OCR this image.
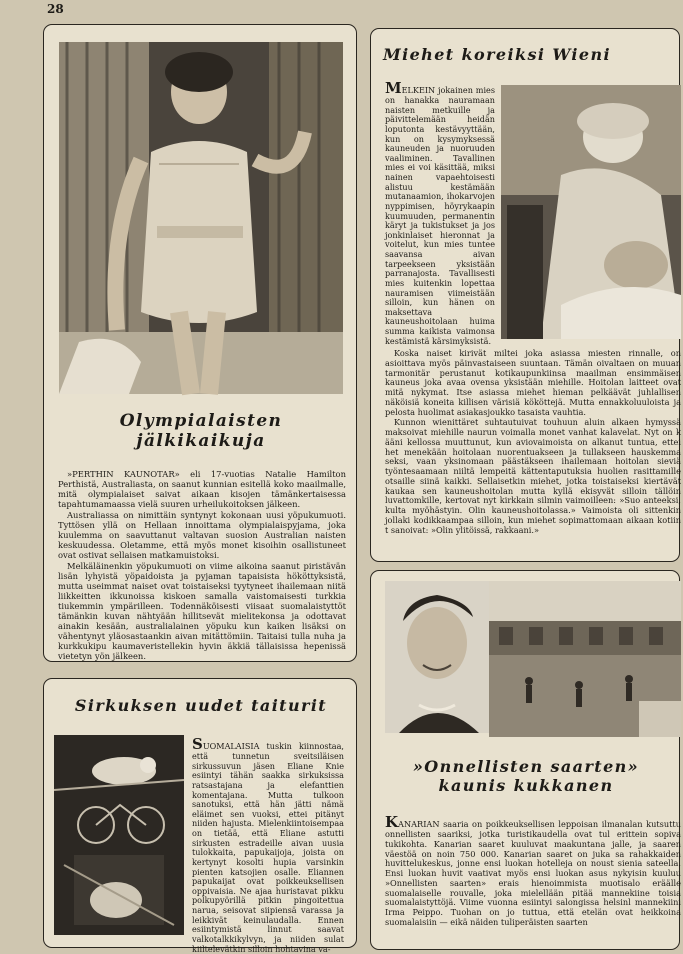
28
Olympialaisten
jälkikaikuja

»PERTHIN KAUNOTAR» eli 17-vuotias Natalie Hamilton Perthistä, Australiasta, on saanut kunnian esitellä koko maailmalle, mitä olympialaiset saivat aikaan kisojen tämänkertaisessa tapahtumamaassa vielä suuren urheilukoitoksen jälkeen.

Australiassa on nimittäin syntynyt kokonaan uusi yöpukumuoti. Tyttösen yllä on Hellaan innoittama olympialaispyjama, joka kuulemma on saavuttanut valtavan suosion Australian naisten keskuudessa. Oletamme, että myös monet kisoihin osallistuneet ovat ostivat sellaisen matkamuistoksi.

Melkäläinenkin yöpukumuoti on viime aikoina saanut piristävän lisän lyhyistä yöpaidoista ja pyjaman tapaisista hököttyksistä, mutta useimmat naiset ovat toistaiseksi tyytyneet ihailemaan niitä liikkeitten ikkunoissa kiskoen samalla vaistomaisesti turkkia tiukemmin ympärilleen. Todennäköisesti viisaat suomalaistyttöt tämänkin kuvan nähtyään hillitsevät mielitekonsa ja odottavat ainakin kesään, australialainen yöpuku kun kaiken lisäksi on vähentynyt yläosastaankin aivan mitättömiin. Taitaisi tulla nuha ja kurkkukipu kaumaveristellekin hyvin äkkiä tällaisissa hepenissä vietetyn yön jälkeen.

Sirkuksen uudet taiturit

SUOMALAISIA tuskin kiinnostaa, että tunnetun sveitsiläisen sirkussuvun jäsen Eliane Knie esiintyi tähän saakka sirkuksissa ratsastajana ja elefanttien komentajana. Mutta tulkoon sanotuksi, että hän jätti nämä eläimet sen vuoksi, ettei pitänyt niiden hajusta. Mielenkiintoisempaa on tietää, että Eliane astutti sirkusten estradeille aivan uusia tulokkaita, papukaijoja, joista on kertynyt kosolti hupia varsinkin pienten katsojien osalle. Eliannen papukaijat ovat poikkeuksellisen oppivaisia. Ne ajaa huristavat pikku polkupyörillä pitkin pingoitettua narua, seisovat siipiensä varassa ja leikkivät keinulaudalla. Ennen esiintymistä linnut saavat valkotalkkikylvyn, ja niiden sulat kiiltelevätkin silloin hohtavina va-

Miehet koreiksi Wieni

MELKEIN jokainen mies on hanakka nauramaan naisten metkuille ja päivittelemään heidän loputonta kestävyyttään, kun on kysymyksessä kauneuden ja nuoruuden vaaliminen. Tavallinen mies ei voi käsittää, miksi nainen vapaehtoisesti alistuu kestämään mutanaamion, ihokarvojen nyppimisen, höyrykaapin kuumuuden, permanentin käryt ja tukistukset ja jos jonkinlaiset hieronnat ja voitelut, kun mies tuntee saavansa aivan tarpeekseen yksistään parranajosta. Tavallisesti mies kuitenkin lopettaa nauramisen viimeistään silloin, kun hänen on maksettava kauneushoitolaan huima summa kaikista vaimonsa kestämistä kärsimyksistä.

Koska naiset kirivät miltei joka asiassa miesten rinnalle, on asioittava myös päinvastaiseen suuntaan. Tämän oivaltaen on muuan tarmonitär perustanut kotikaupunkiinsa maailman ensimmäisen kauneus joka avaa ovensa yksistään miehille. Hoitolan laitteet ovat mitä nykymat. Itse asiassa miehet hieman pelkäävät juhlallisen näköisiä koneita killisen värisiä kököttejä. Mutta ennakkoluuloista ja pelosta huolimat asiakasjoukko tasaista vauhtia.

Kunnon wienittäret suhtautuivat touhuun aluin alkaen hymyssä maksoivat miehille naurun voimalla monet vanhat kalavelat. Nyt on k ääni kellossa muuttunut, kun aviovaimoista on alkanut tuntua, ettei het menekään hoitolaan nuorentuakseen ja tullakseen hauskemma seksi, vaan yksinomaan päästäkseen ihailemaan hoitolan sieviä työntesaamaan niiltä lempeitä kättentaputuksia huolien rasittamille otsaille siinä kaikki. Sellaisetkin miehet, jotka toistaiseksi kiertävät kaukaa sen kauneushoitolan mutta kyllä ekisyvät silloin tällöin luvattomkille, kertovat nyt kirkkain silmin vaimoilleen: »Suo anteeksi, kulta myöhästyin. Olin kauneushoitolassa.» Vaimoista oli sittenkin jollaki kodikkaampaa silloin, kun miehet sopimattomaan aikaan kotiin t sanoivat: »Olin ylitöissä, rakkaani.»

»Onnellisten saarten»
kaunis kukkanen

KANARIAN saaria on poikkeuksellisen leppoisan ilmanalan kutsuttu onnellisten saariksi, jotka turistikaudella ovat tul erittein sopiva tukikohta. Kanarian saaret kuuluvat maakuntana jalle, ja saaren väestöä on noin 750 000. Kanarian saaret on juka sa rahakkaiden huvittelukeskus, jonne ensi luokan hotelleja on noust sienia sateella. Ensi luokan huvit vaativat myös ensi luokan asus nykyisin kuuluu »Onnellisten saarten» erais hienoimmista muotisalo eräälle suomalaiselle rouvalle, joka mielellään pitää mannekiine toisia suomalaistyttöjä. Viime vuonna esiintyi salongissa helsinl mannekiini Irma Peippo. Tuohan on jo tuttua, että etelän ovat heikkoina suomalaisiin — eikä näiden tuliperäisten saarten
